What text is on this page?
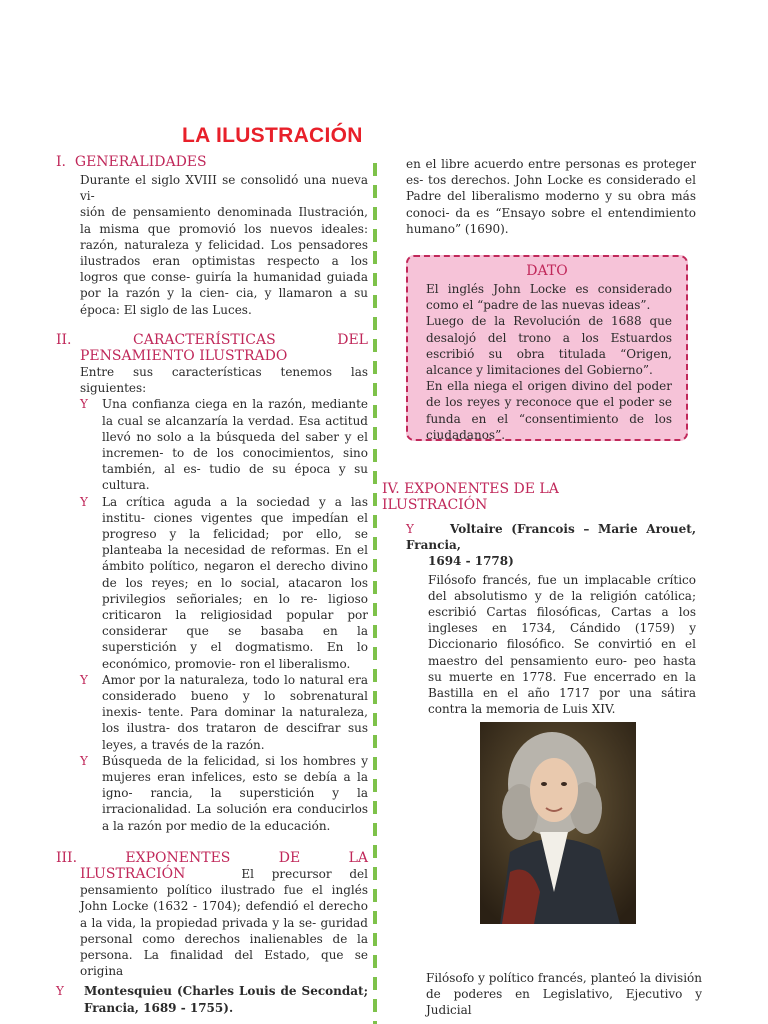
LA ILUSTRACIÓN
I.  GENERALIDADES
Durante el siglo XVIII se consolidó una nueva vi-
sión de pensamiento denominada Ilustración, la misma que promovió los nuevos ideales: razón, naturaleza y felicidad. Los pensadores ilustrados eran optimistas respecto a los logros que conse- guiría la humanidad guiada por la razón y la cien- cia, y llamaron a su época: El siglo de las Luces.
II.	CARACTERÍSTICAS	DEL
PENSAMIENTO ILUSTRADO
Entre sus características tenemos las siguientes:
Y Una confianza ciega en la razón, mediante la cual se alcanzaría la verdad. Esa actitud llevó no solo a la búsqueda del saber y el incremen- to de los conocimientos, sino también, al es- tudio de su época y su cultura.
Y La crítica aguda a la sociedad y a las institu- ciones vigentes que impedían el progreso y la felicidad; por ello, se planteaba la necesidad de reformas. En el ámbito político, negaron el derecho divino de los reyes; en lo social, atacaron los privilegios señoriales; en lo re- ligioso criticaron la religiosidad popular por considerar que se basaba en la superstición y el dogmatismo. En lo económico, promovie- ron el liberalismo.
Y Amor por la naturaleza, todo lo natural era considerado bueno y lo sobrenatural inexis- tente. Para dominar la naturaleza, los ilustra- dos trataron de descifrar sus leyes, a través de la razón.
Y Búsqueda de la felicidad, si los hombres y mujeres eran infelices, esto se debía a la igno- rancia, la superstición y la irracionalidad. La solución era conducirlos a la razón por medio de la educación.
III.	EXPONENTES	DE	LA
ILUSTRACIÓN	El precursor del
pensamiento político ilustrado fue el inglés John Locke (1632 - 1704); defendió el derecho a la vida, la propiedad privada y la se- guridad personal como derechos inalienables de la persona. La finalidad del Estado, que se origina
Y Montesquieu (Charles Louis de Secondat; Francia, 1689 - 1755).
en el libre acuerdo entre personas es proteger es- tos derechos. John Locke es considerado el Padre del liberalismo moderno y su obra más conoci- da es “Ensayo sobre el entendimiento humano” (1690).
DATO
El inglés John Locke es considerado como el “padre de las nuevas ideas”.
Luego de la Revolución de 1688 que desalojó del trono a los Estuardos escribió su obra titulada “Origen, alcance y limitaciones del Gobierno”.
En ella niega el origen divino del poder de los reyes y reconoce que el poder se funda en el “consentimiento de los ciudadanos”.
IV. EXPONENTES DE LA
ILUSTRACIÓN
Y	Voltaire (Francois – Marie Arouet, Francia,
1694 - 1778)
Filósofo francés, fue un implacable crítico del absolutismo y de la religión católica; escribió Cartas filosóficas, Cartas a los ingleses en 1734, Cándido (1759) y Diccionario filosófico. Se convirtió en el maestro del pensamiento euro- peo hasta su muerte en 1778. Fue encerrado en la Bastilla en el año 1717 por una sátira contra la memoria de Luis XIV.
Filósofo y político francés, planteó la división de poderes en Legislativo, Ejecutivo y Judicial
